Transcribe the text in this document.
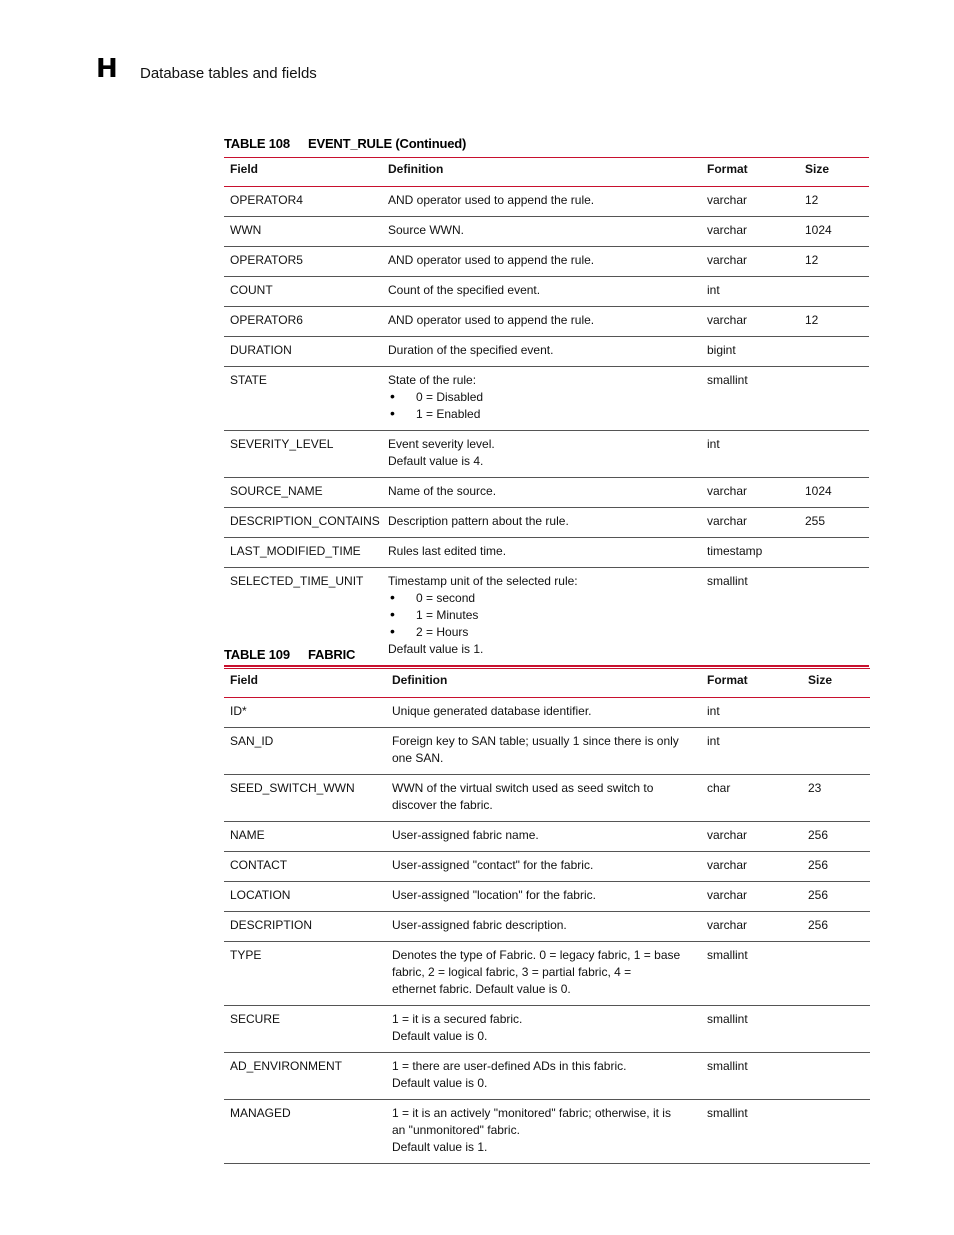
H Database tables and fields
TABLE 108 EVENT_RULE (Continued)
Field	Definition	Format	Size
OPERATOR4	AND operator used to append the rule.	varchar	12
WWN	Source WWN.	varchar	1024
OPERATOR5	AND operator used to append the rule.	varchar	12
COUNT	Count of the specified event.	int	
OPERATOR6	AND operator used to append the rule.	varchar	12
DURATION	Duration of the specified event.	bigint	
STATE	State of the rule:
• 0 = Disabled
• 1 = Enabled	smallint	
SEVERITY_LEVEL	Event severity level.
Default value is 4.	int	
SOURCE_NAME	Name of the source.	varchar	1024
DESCRIPTION_CONTAINS	Description pattern about the rule.	varchar	255
LAST_MODIFIED_TIME	Rules last edited time.	timestamp	
SELECTED_TIME_UNIT	Timestamp unit of the selected rule:
• 0 = second
• 1 = Minutes
• 2 = Hours
Default value is 1.	smallint	
TABLE 109 FABRIC
Field	Definition	Format	Size
ID*	Unique generated database identifier.	int	
SAN_ID	Foreign key to SAN table; usually 1 since there is only
one SAN.	int	
SEED_SWITCH_WWN	WWN of the virtual switch used as seed switch to
discover the fabric.	char	23
NAME	User-assigned fabric name.	varchar	256
CONTACT	User-assigned "contact" for the fabric.	varchar	256
LOCATION	User-assigned "location" for the fabric.	varchar	256
DESCRIPTION	User-assigned fabric description.	varchar	256
TYPE	Denotes the type of Fabric. 0 = legacy fabric, 1 = base
fabric, 2 = logical fabric, 3 = partial fabric, 4 =
ethernet fabric. Default value is 0.	smallint	
SECURE	1 = it is a secured fabric.
Default value is 0.	smallint	
AD_ENVIRONMENT	1 = there are user-defined ADs in this fabric.
Default value is 0.	smallint	
MANAGED	1 = it is an actively "monitored" fabric; otherwise, it is
an "unmonitored" fabric.
Default value is 1.	smallint	
